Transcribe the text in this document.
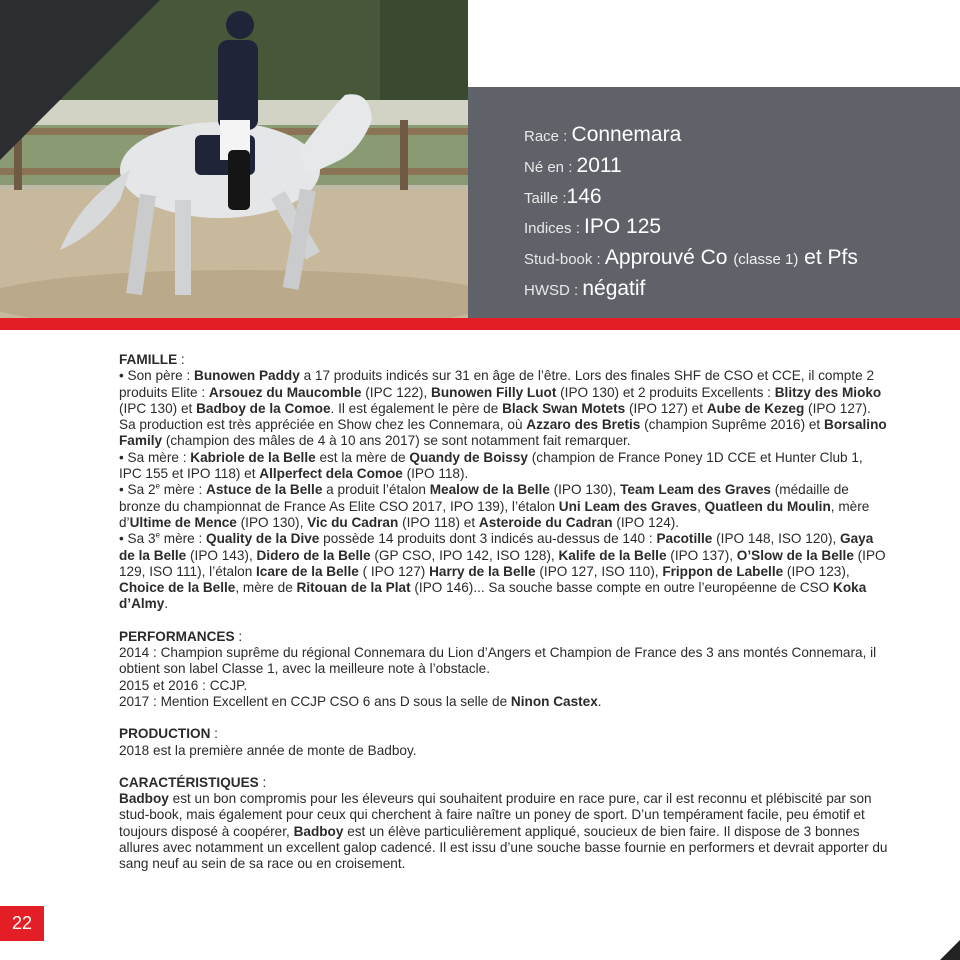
Race : Connemara
Né en : 2011
Taille :146
Indices : IPO 125
Stud-book : Approuvé Co (classe 1) et Pfs
HWSD : négatif

FAMILLE :

• Son père : Bunowen Paddy a 17 produits indicés sur 31 en âge de l’être. Lors des finales SHF de CSO et CCE, il compte 2 produits Elite : Arsouez du Maucomble (IPC 122), Bunowen Filly Luot (IPO 130) et 2 produits Excellents : Blitzy des Mioko (IPC 130) et Badboy de la Comoe. Il est également le père de Black Swan Motets (IPO 127) et Aube de Kezeg (IPO 127). Sa production est très appréciée en Show chez les Connemara, où Azzaro des Bretis (champion Suprême 2016) et Borsalino Family (champion des mâles de 4 à 10 ans 2017) se sont notamment fait remarquer.

• Sa mère : Kabriole de la Belle est la mère de Quandy de Boissy (champion de France Poney 1D CCE et Hunter Club 1, IPC 155 et IPO 118) et Allperfect dela Comoe (IPO 118).

• Sa 2e mère : Astuce de la Belle a produit l’étalon Mealow de la Belle (IPO 130), Team Leam des Graves (médaille de bronze du championnat de France As Elite CSO 2017, IPO 139), l’étalon Uni Leam des Graves, Quatleen du Moulin, mère d’Ultime de Mence (IPO 130), Vic du Cadran (IPO 118) et Asteroide du Cadran (IPO 124).

• Sa 3e mère : Quality de la Dive possède 14 produits dont 3 indicés au-dessus de 140 : Pacotille (IPO 148, ISO 120), Gaya de la Belle (IPO 143), Didero de la Belle (GP CSO, IPO 142, ISO 128), Kalife de la Belle (IPO 137), O’Slow de la Belle (IPO 129, ISO 111), l’étalon Icare de la Belle ( IPO 127) Harry de la Belle (IPO 127, ISO 110), Frippon de Labelle (IPO 123), Choice de la Belle, mère de Ritouan de la Plat (IPO 146)... Sa souche basse compte en outre l’européenne de CSO Koka d’Almy.

PERFORMANCES :

2014 : Champion suprême du régional Connemara du Lion d’Angers et Champion de France des 3 ans montés Connemara, il obtient son label Classe 1, avec la meilleure note à l’obstacle.

2015 et 2016 : CCJP.

2017 : Mention Excellent en CCJP CSO 6 ans D sous la selle de Ninon Castex.

PRODUCTION :

2018 est la première année de monte de Badboy.

CARACTÉRISTIQUES :

Badboy est un bon compromis pour les éleveurs qui souhaitent produire en race pure, car il est reconnu et plébiscité par son stud-book, mais également pour ceux qui cherchent à faire naître un poney de sport. D’un tempérament facile, peu émotif et toujours disposé à coopérer, Badboy est un élève particulièrement appliqué, soucieux de bien faire. Il dispose de 3 bonnes allures avec notamment un excellent galop cadencé. Il est issu d’une souche basse fournie en performers et devrait apporter du sang neuf au sein de sa race ou en croisement.

22
